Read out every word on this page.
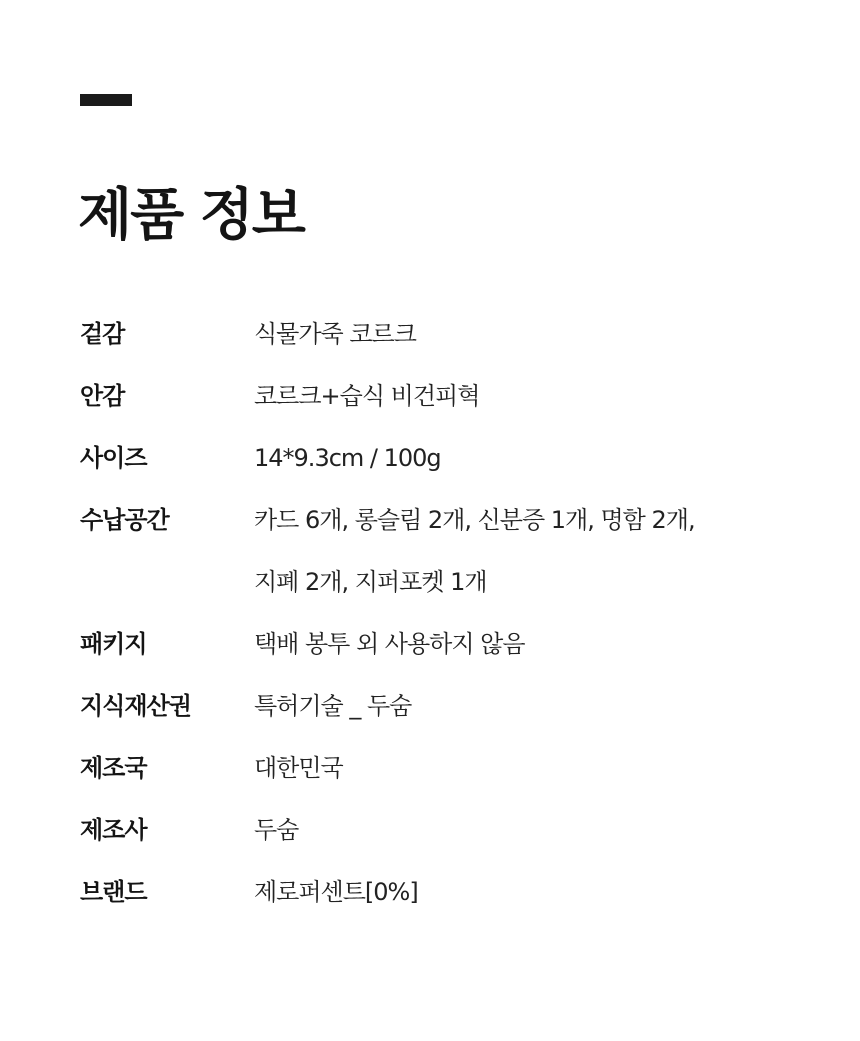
제품 정보
겉감	식물가죽 코르크
안감	코르크+습식 비건피혁
사이즈	14*9.3cm / 100g
수납공간	카드 6개, 롱슬림 2개, 신분증 1개, 명함 2개,
지폐 2개, 지퍼포켓 1개
패키지	택배 봉투 외 사용하지 않음
지식재산권	특허기술 _ 두숨
제조국	대한민국
제조사	두숨
브랜드	제로퍼센트[0%]
